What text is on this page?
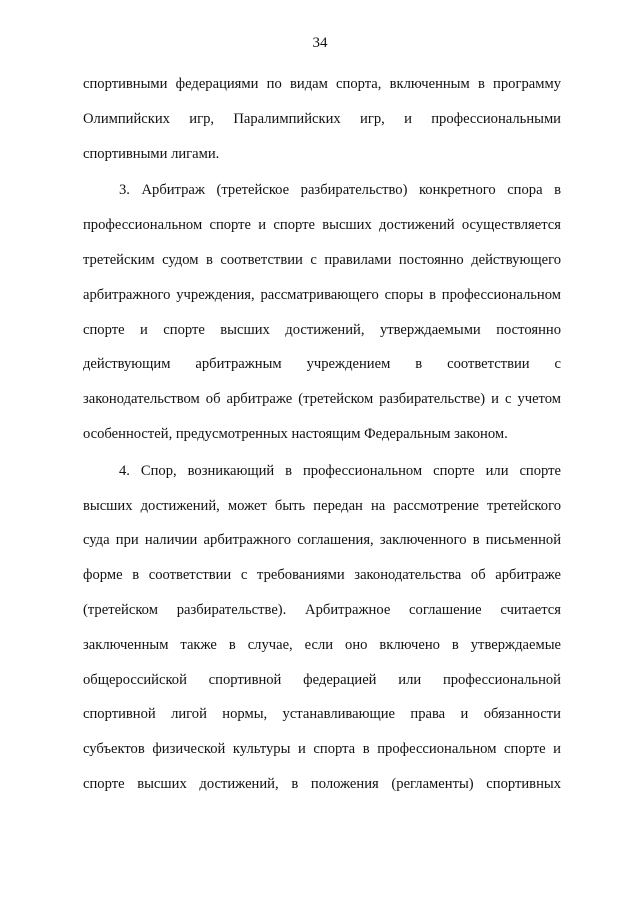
34
спортивными федерациями по видам спорта, включенным в программу
Олимпийских игр, Паралимпийских игр, и профессиональными
спортивными лигами.
3. Арбитраж (третейское разбирательство) конкретного спора в
профессиональном спорте и спорте высших достижений осуществляется
третейским судом в соответствии с правилами постоянно действующего
арбитражного учреждения, рассматривающего споры в профессиональном
спорте и спорте высших достижений, утверждаемыми постоянно
действующим арбитражным учреждением в соответствии с
законодательством об арбитраже (третейском разбирательстве) и с учетом
особенностей, предусмотренных настоящим Федеральным законом.
4. Спор, возникающий в профессиональном спорте или спорте
высших достижений, может быть передан на рассмотрение третейского
суда при наличии арбитражного соглашения, заключенного в письменной
форме в соответствии с требованиями законодательства об арбитраже
(третейском разбирательстве). Арбитражное соглашение считается
заключенным также в случае, если оно включено в утверждаемые
общероссийской спортивной федерацией или профессиональной
спортивной лигой нормы, устанавливающие права и обязанности
субъектов физической культуры и спорта в профессиональном спорте и
спорте высших достижений, в положения (регламенты) спортивных
